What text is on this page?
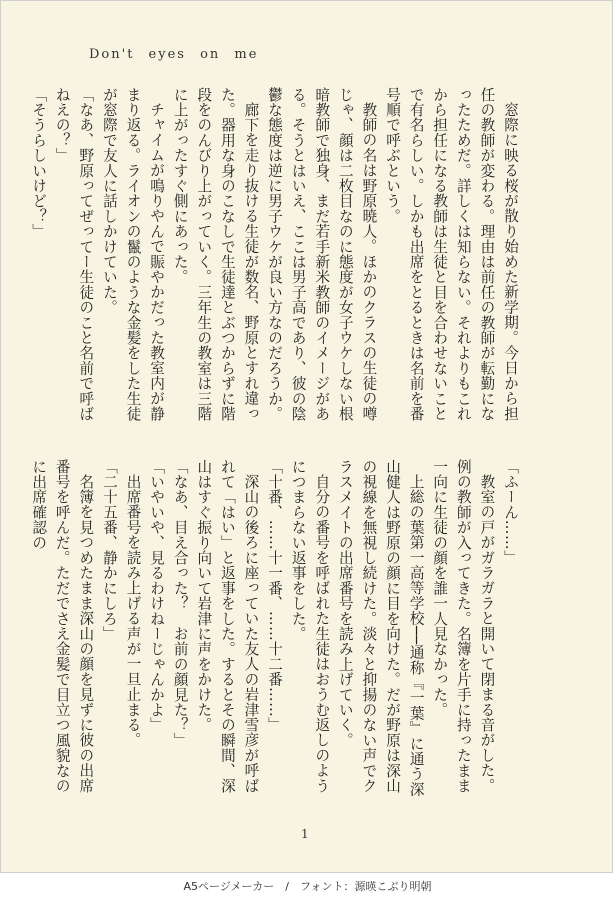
Don't eyes on me

窓際に映る桜が散り始めた新学期。今日から担任の教師が変わる。理由は前任の教師が転勤になったためだ。詳しくは知らない。それよりもこれから担任になる教師は生徒と目を合わせないことで有名らしい。しかも出席をとるときは名前を番号順で呼ぶという。

教師の名は野原暁人。ほかのクラスの生徒の噂じゃ、顔は二枚目なのに態度が女子ウケしない根暗教師で独身、まだ若手新米教師のイメージがある。そうとはいえ、ここは男子高であり、彼の陰鬱な態度は逆に男子ウケが良い方なのだろうか。

廊下を走り抜ける生徒が数名、野原とすれ違った。器用な身のこなしで生徒達とぶつからずに階段をのんびり上がっていく。三年生の教室は三階に上がったすぐ側にあった。

チャイムが鳴りやんで賑やかだった教室内が静まり返る。ライオンの鬣のような金髪をした生徒が窓際で友人に話しかけていた。

「なあ、野原ってぜってー生徒のこと名前で呼ばねえの？」

「そうらしいけど？」

「ふーん……」

教室の戸がガラガラと開いて閉まる音がした。例の教師が入ってきた。名簿を片手に持ったまま一向に生徒の顔を誰一人見なかった。

上総の葉第一高等学校──通称『一葉』に通う深山健人は野原の顔に目を向けた。だが野原は深山の視線を無視し続けた。淡々と抑揚のない声でクラスメイトの出席番号を読み上げていく。

自分の番号を呼ばれた生徒はおうむ返しのようにつまらない返事をした。

「十番、……十一番、……十二番……」

深山の後ろに座っていた友人の岩津雪彦が呼ばれて「はい」と返事をした。するとその瞬間、深山はすぐ振り向いて岩津に声をかけた。

「なあ、目え合った？　お前の顔見た？」

「いやいや、見るわけねーじゃんかよ」

出席番号を読み上げる声が一旦止まる。

「二十五番、静かにしろ」

名簿を見つめたまま深山の顔を見ずに彼の出席番号を呼んだ。ただでさえ金髪で目立つ風貌なのに出席確認の

1
A5ページメーカー　/　フォント：源暎こぶり明朝
